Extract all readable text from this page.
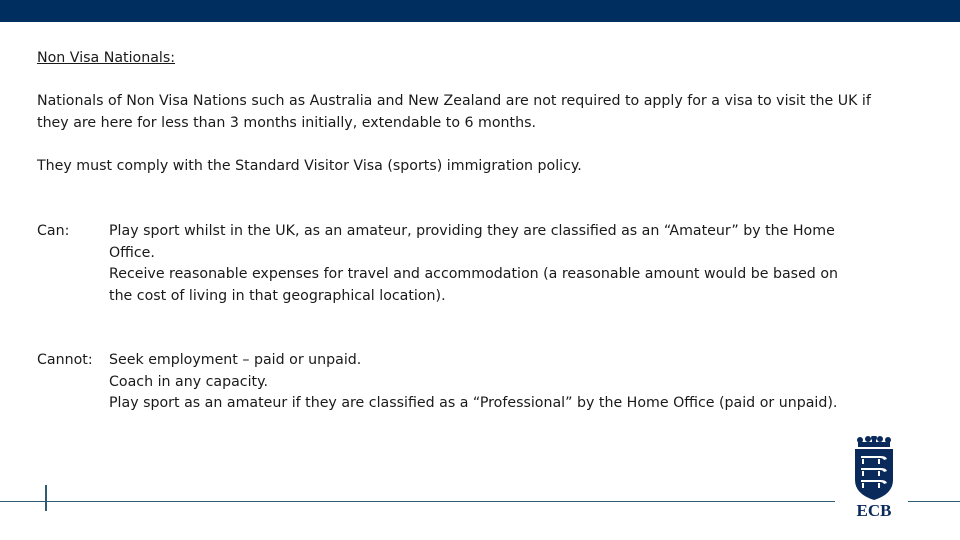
Non Visa Nationals:
Nationals of Non Visa Nations such as Australia and New Zealand are not required to apply for a visa to visit the UK if
they are here for less than 3 months initially, extendable to 6 months.
They must comply with the Standard Visitor Visa (sports) immigration policy.
Can:	Play sport whilst in the UK, as an amateur, providing they are classified as an “Amateur” by the Home
Office.
Receive reasonable expenses for travel and accommodation (a reasonable amount would be based on
the cost of living in that geographical location).
Cannot: Seek employment – paid or unpaid.
Coach in any capacity.
Play sport as an amateur if they are classified as a “Professional” by the Home Office (paid or unpaid).
ECB
